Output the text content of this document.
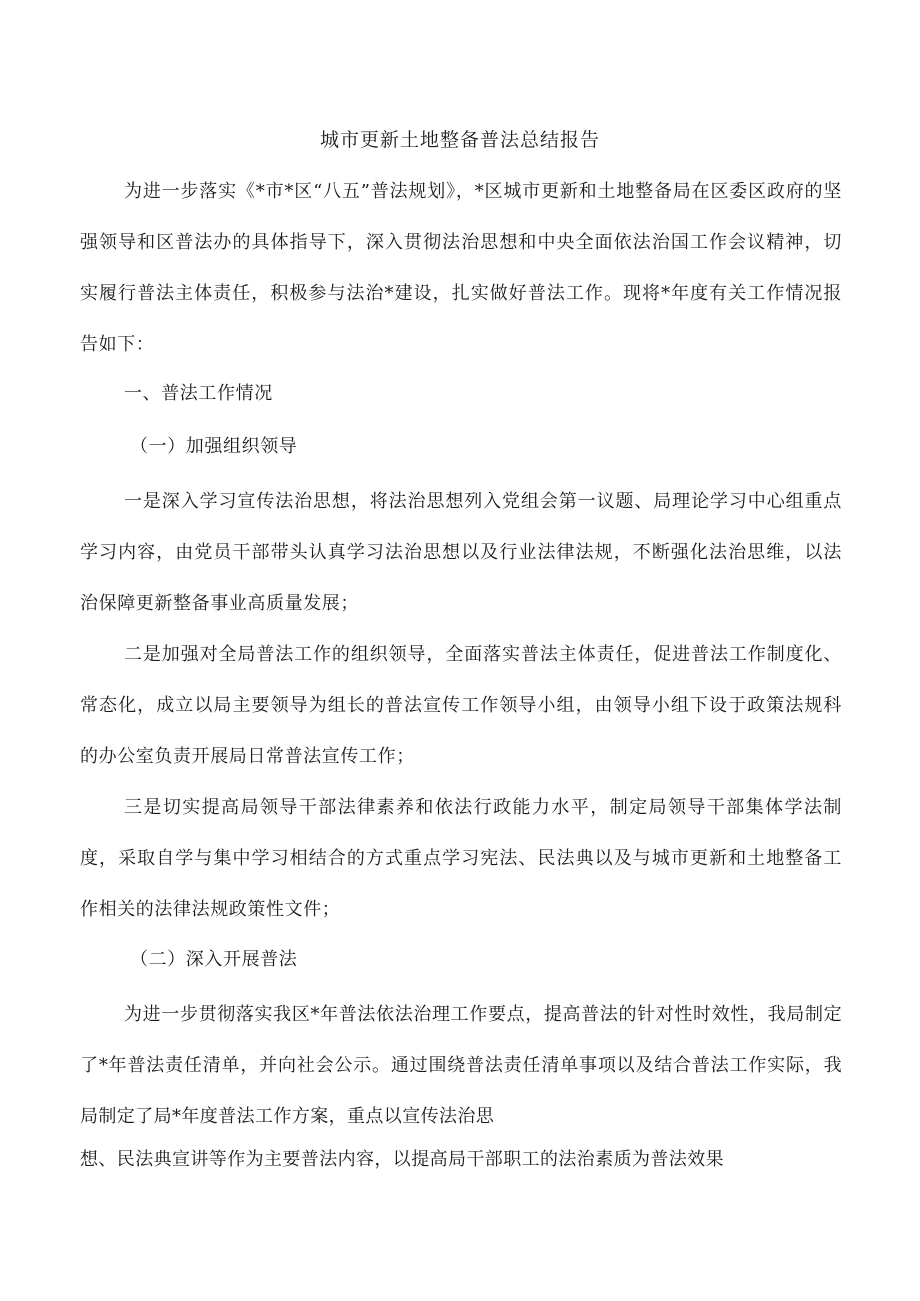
城市更新土地整备普法总结报告

为进一步落实《*市*区“八五”普法规划》，*区城市更新和土地整备局在区委区政府的坚强领导和区普法办的具体指导下，深入贯彻法治思想和中央全面依法治国工作会议精神，切实履行普法主体责任，积极参与法治*建设，扎实做好普法工作。现将*年度有关工作情况报告如下：

一、普法工作情况

（一）加强组织领导

一是深入学习宣传法治思想，将法治思想列入党组会第一议题、局理论学习中心组重点学习内容，由党员干部带头认真学习法治思想以及行业法律法规，不断强化法治思维，以法治保障更新整备事业高质量发展；

二是加强对全局普法工作的组织领导，全面落实普法主体责任，促进普法工作制度化、常态化，成立以局主要领导为组长的普法宣传工作领导小组，由领导小组下设于政策法规科的办公室负责开展局日常普法宣传工作；

三是切实提高局领导干部法律素养和依法行政能力水平，制定局领导干部集体学法制度，采取自学与集中学习相结合的方式重点学习宪法、民法典以及与城市更新和土地整备工作相关的法律法规政策性文件；

（二）深入开展普法

为进一步贯彻落实我区*年普法依法治理工作要点，提高普法的针对性时效性，我局制定了*年普法责任清单，并向社会公示。通过围绕普法责任清单事项以及结合普法工作实际，我局制定了局*年度普法工作方案，重点以宣传法治思

想、民法典宣讲等作为主要普法内容，以提高局干部职工的法治素质为普法效果
